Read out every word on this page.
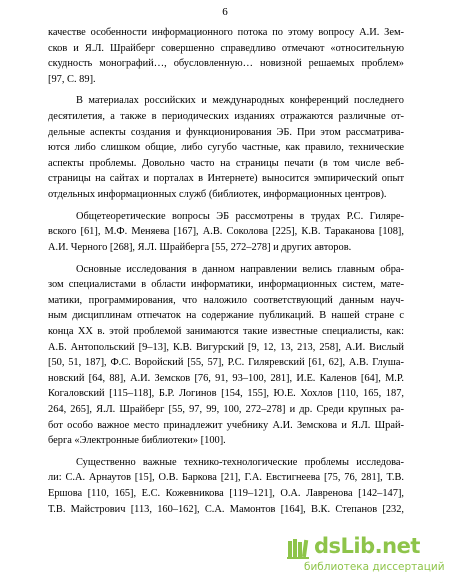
6
качестве особенности информационного потока по этому вопросу А.И. Зем-
сков и Я.Л. Шрайберг совершенно справедливо отмечают «относительную
скудность монографий…, обусловленную… новизной решаемых проблем»
[97, С. 89].
В материалах российских и международных конференций последнего
десятилетия, а также в периодических изданиях отражаются различные от-
дельные аспекты создания и функционирования ЭБ. При этом рассматрива-
ются либо слишком общие, либо сугубо частные, как правило, технические
аспекты проблемы. Довольно часто на страницы печати (в том числе веб-
страницы на сайтах и порталах в Интернете) выносится эмпирический опыт
отдельных информационных служб (библиотек, информационных центров).
Общетеоретические вопросы ЭБ рассмотрены в трудах Р.С. Гиляре-
вского [61], М.Ф. Меняева [167], А.В. Соколова [225], К.В. Тараканова [108],
А.И. Черного [268], Я.Л. Шрайберга [55, 272–278] и других авторов.
Основные исследования в данном направлении велись главным обра-
зом специалистами в области информатики, информационных систем, мате-
матики, программирования, что наложило соответствующий данным науч-
ным дисциплинам отпечаток на содержание публикаций. В нашей стране с
конца XX в. этой проблемой занимаются такие известные специалисты, как:
А.Б. Антопольский [9–13], К.В. Вигурский [9, 12, 13, 213, 258], А.И. Вислый
[50, 51, 187], Ф.С. Воройский [55, 57], Р.С. Гиляревский [61, 62], А.В. Глуша-
новский [64, 88], А.И. Земсков [76, 91, 93–100, 281], И.Е. Каленов [64], М.Р.
Когаловский [115–118], Б.Р. Логинов [154, 155], Ю.Е. Хохлов [110, 165, 187,
264, 265], Я.Л. Шрайберг [55, 97, 99, 100, 272–278] и др. Среди крупных ра-
бот особо важное место принадлежит учебнику А.И. Земскова и Я.Л. Шрай-
берга «Электронные библиотеки» [100].
Существенно важные технико-технологические проблемы исследова-
ли: С.А. Арнаутов [15], О.В. Баркова [21], Г.А. Евстигнеева [75, 76, 281], Т.В.
Ершова [110, 165], Е.С. Кожевникова [119–121], О.А. Лавренова [142–147],
Т.В. Майстрович [113, 160–162], С.А. Мамонтов [164], В.К. Степанов [232,
dsLib.net
библиотека диссертаций
